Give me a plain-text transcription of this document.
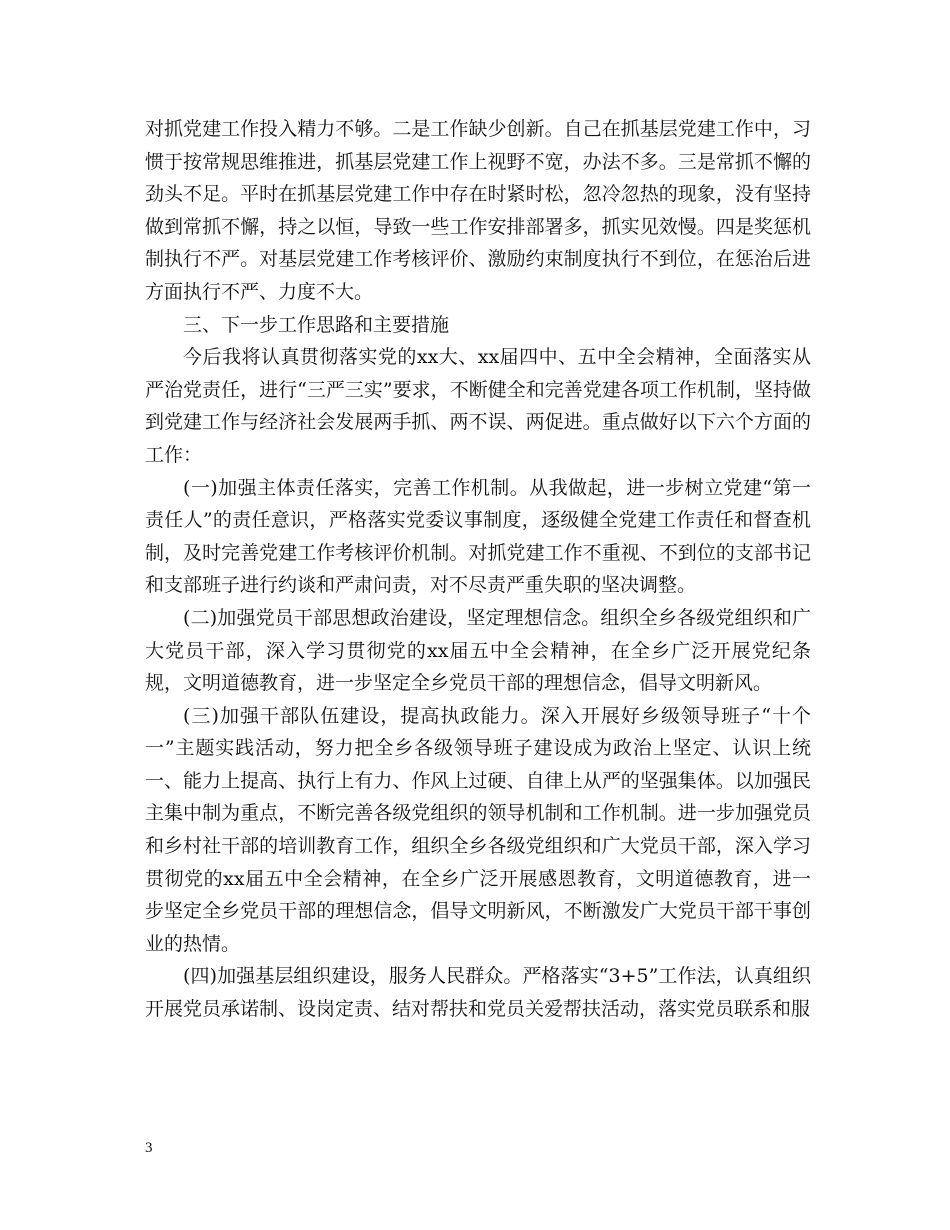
对抓党建工作投入精力不够。二是工作缺少创新。自己在抓基层党建工作中，习惯于按常规思维推进，抓基层党建工作上视野不宽，办法不多。三是常抓不懈的劲头不足。平时在抓基层党建工作中存在时紧时松，忽冷忽热的现象，没有坚持做到常抓不懈，持之以恒，导致一些工作安排部署多，抓实见效慢。四是奖惩机制执行不严。对基层党建工作考核评价、激励约束制度执行不到位，在惩治后进方面执行不严、力度不大。

三、下一步工作思路和主要措施

今后我将认真贯彻落实党的xx大、xx届四中、五中全会精神，全面落实从严治党责任，进行“三严三实”要求，不断健全和完善党建各项工作机制，坚持做到党建工作与经济社会发展两手抓、两不误、两促进。重点做好以下六个方面的工作：

(一)加强主体责任落实，完善工作机制。从我做起，进一步树立党建“第一责任人”的责任意识，严格落实党委议事制度，逐级健全党建工作责任和督查机制，及时完善党建工作考核评价机制。对抓党建工作不重视、不到位的支部书记和支部班子进行约谈和严肃问责，对不尽责严重失职的坚决调整。

(二)加强党员干部思想政治建设，坚定理想信念。组织全乡各级党组织和广大党员干部，深入学习贯彻党的xx届五中全会精神，在全乡广泛开展党纪条规，文明道德教育，进一步坚定全乡党员干部的理想信念，倡导文明新风。

(三)加强干部队伍建设，提高执政能力。深入开展好乡级领导班子“十个一”主题实践活动，努力把全乡各级领导班子建设成为政治上坚定、认识上统一、能力上提高、执行上有力、作风上过硬、自律上从严的坚强集体。以加强民主集中制为重点，不断完善各级党组织的领导机制和工作机制。进一步加强党员和乡村社干部的培训教育工作，组织全乡各级党组织和广大党员干部，深入学习贯彻党的xx届五中全会精神，在全乡广泛开展感恩教育，文明道德教育，进一步坚定全乡党员干部的理想信念，倡导文明新风，不断激发广大党员干部干事创业的热情。

(四)加强基层组织建设，服务人民群众。严格落实“3+5”工作法，认真组织开展党员承诺制、设岗定责、结对帮扶和党员关爱帮扶活动，落实党员联系和服

3
